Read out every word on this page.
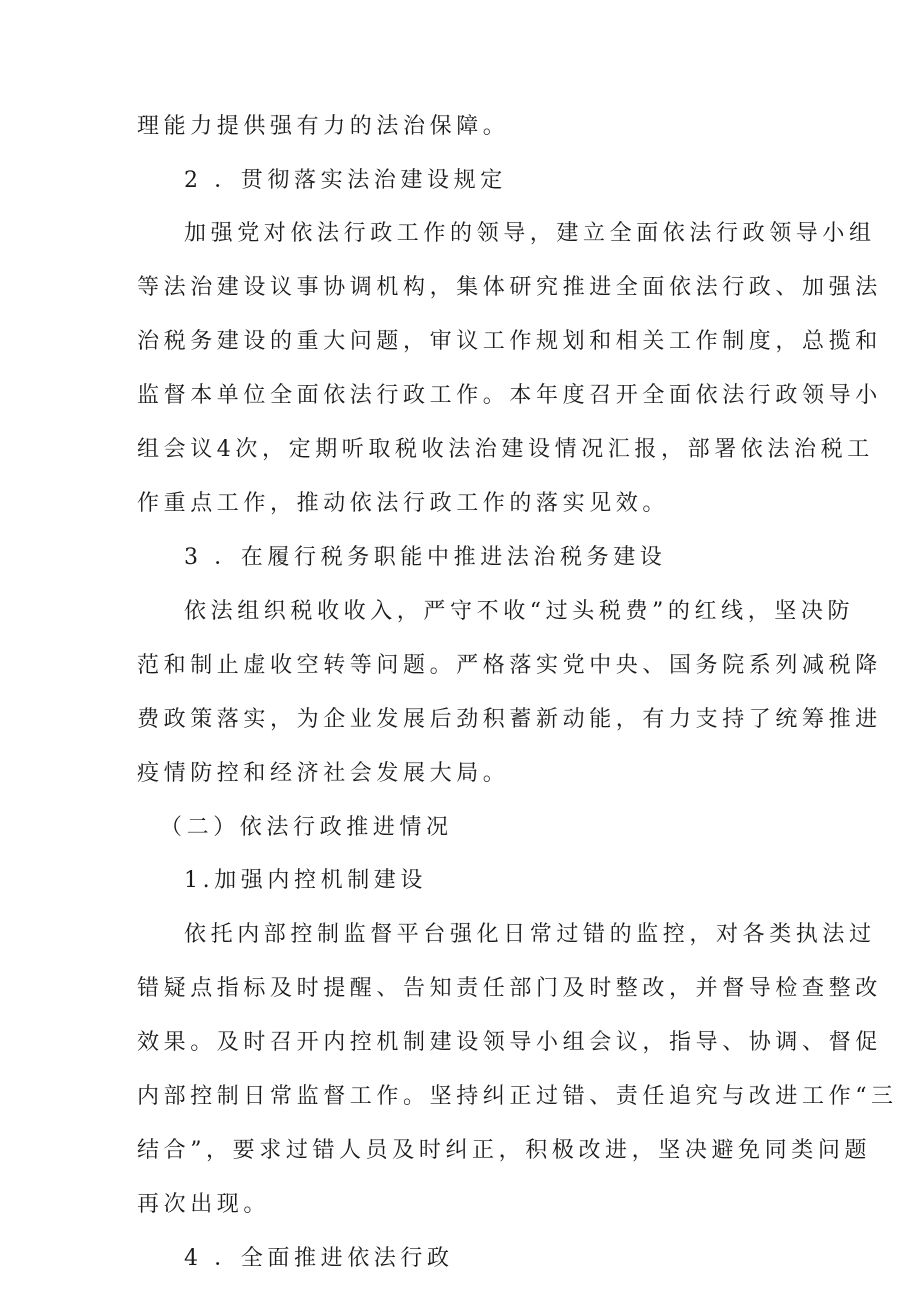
理能力提供强有力的法治保障。
2 ．贯彻落实法治建设规定
加强党对依法行政工作的领导，建立全面依法行政领导小组
等法治建设议事协调机构，集体研究推进全面依法行政、加强法
治税务建设的重大问题，审议工作规划和相关工作制度，总揽和
监督本单位全面依法行政工作。本年度召开全面依法行政领导小
组会议4次，定期听取税收法治建设情况汇报，部署依法治税工
作重点工作，推动依法行政工作的落实见效。
3 ．在履行税务职能中推进法治税务建设
依法组织税收收入，严守不收“过头税费”的红线，坚决防
范和制止虚收空转等问题。严格落实党中央、国务院系列减税降
费政策落实，为企业发展后劲积蓄新动能，有力支持了统筹推进
疫情防控和经济社会发展大局。
（二）依法行政推进情况
1.加强内控机制建设
依托内部控制监督平台强化日常过错的监控，对各类执法过
错疑点指标及时提醒、告知责任部门及时整改，并督导检查整改
效果。及时召开内控机制建设领导小组会议，指导、协调、督促
内部控制日常监督工作。坚持纠正过错、责任追究与改进工作“三
结合”，要求过错人员及时纠正，积极改进，坚决避免同类问题
再次出现。
4 ．全面推进依法行政
